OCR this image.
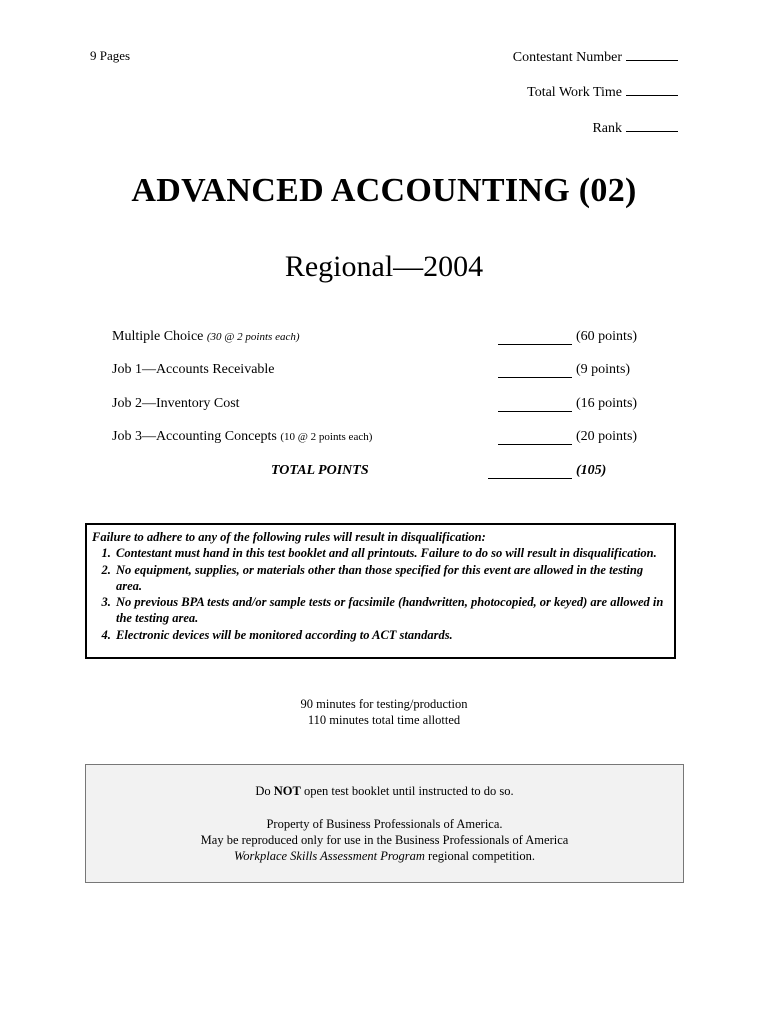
9 Pages	Contestant Number
Total Work Time
Rank
ADVANCED ACCOUNTING (02)
Regional—2004
Multiple Choice (30 @ 2 points each)	(60 points)
Job 1—Accounts Receivable	(9 points)
Job 2—Inventory Cost	(16 points)
Job 3—Accounting Concepts (10 @ 2 points each)	(20 points)
TOTAL POINTS	(105)
Failure to adhere to any of the following rules will result in disqualification:
1. Contestant must hand in this test booklet and all printouts. Failure to do so will result in disqualification.
2. No equipment, supplies, or materials other than those specified for this event are allowed in the testing area.
3. No previous BPA tests and/or sample tests or facsimile (handwritten, photocopied, or keyed) are allowed in the testing area.
4. Electronic devices will be monitored according to ACT standards.
90 minutes for testing/production
110 minutes total time allotted
Do NOT open test booklet until instructed to do so.
Property of Business Professionals of America.
May be reproduced only for use in the Business Professionals of America
Workplace Skills Assessment Program regional competition.
